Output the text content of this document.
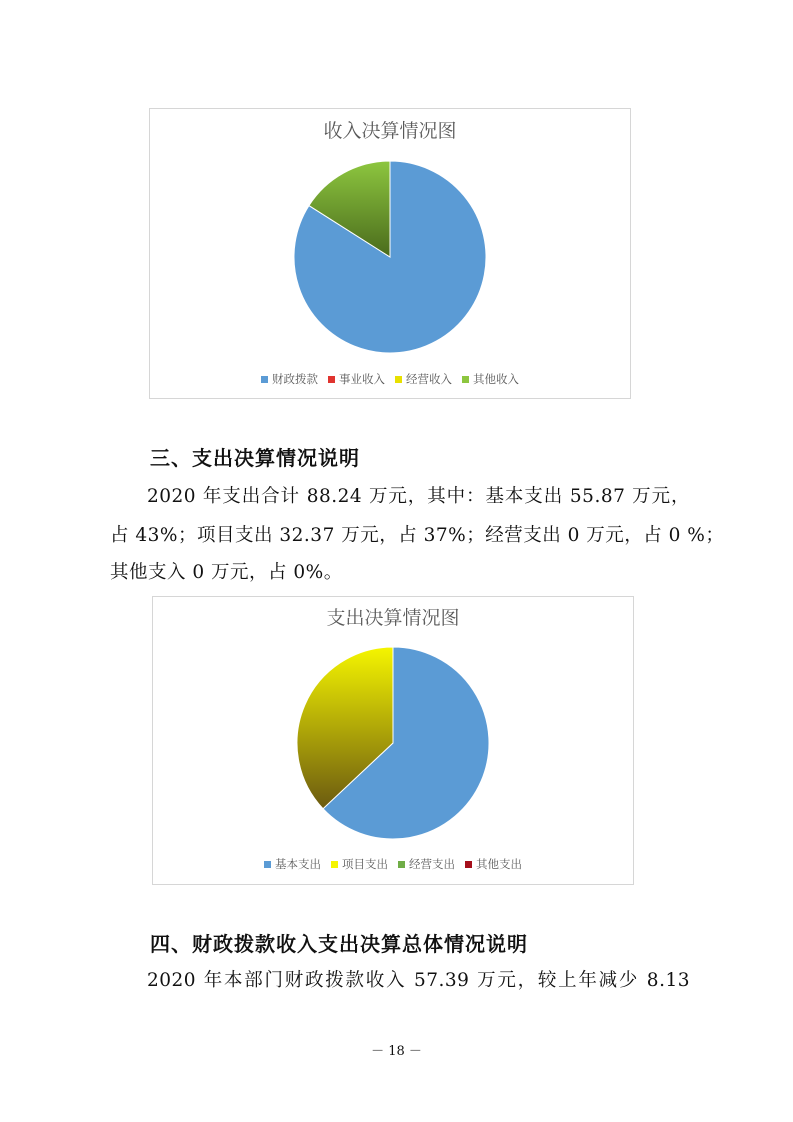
收入决算情况图
财政拨款 事业收入 经营收入 其他收入
三、支出决算情况说明
2020 年支出合计 88.24 万元，其中：基本支出 55.87 万元，
占 43%；项目支出 32.37 万元，占 37%；经营支出 0 万元，占 0 %；
其他支入 0 万元，占 0%。
支出决算情况图
基本支出 项目支出 经营支出 其他支出
四、财政拨款收入支出决算总体情况说明
2020 年本部门财政拨款收入 57.39 万元，较上年减少 8.13
－ 18 －
